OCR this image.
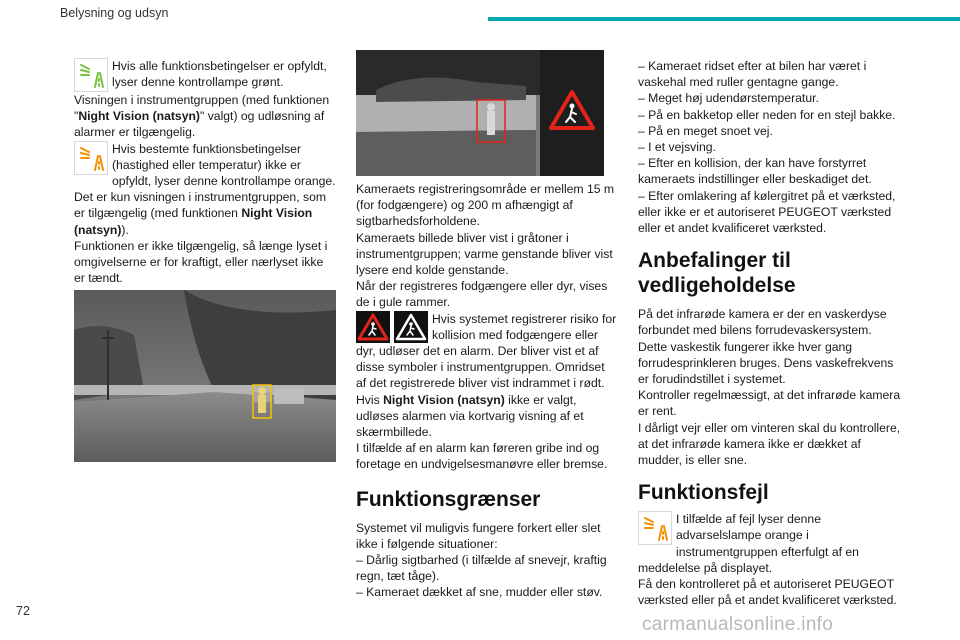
Belysning og udsyn

Hvis alle funktionsbetingelser er opfyldt, lyser denne kontrollampe grønt.

Visningen i instrumentgruppen (med funktionen "Night Vision (natsyn)" valgt) og udløsning af alarmer er tilgængelig.

Hvis bestemte funktionsbetingelser (hastighed eller temperatur) ikke er opfyldt, lyser denne kontrollampe orange. Det er kun visningen i instrumentgruppen, som er tilgængelig (med funktionen Night Vision (natsyn)).

Funktionen er ikke tilgængelig, så længe lyset i omgivelserne er for kraftigt, eller nærlyset ikke er tændt.

Kameraets registreringsområde er mellem 15 m (for fodgængere) og 200 m afhængigt af sigtbarhedsforholdene.

Kameraets billede bliver vist i gråtoner i instrumentgruppen; varme genstande bliver vist lysere end kolde genstande.

Når der registreres fodgængere eller dyr, vises de i gule rammer.

Hvis systemet registrerer risiko for kollision med fodgængere eller dyr, udløser det en alarm. Der bliver vist et af disse symboler i instrumentgruppen. Omridset af det registrerede bliver vist indrammet i rødt.

Hvis Night Vision (natsyn) ikke er valgt, udløses alarmen via kortvarig visning af et skærmbillede.

I tilfælde af en alarm kan føreren gribe ind og foretage en undvigelsesmanøvre eller bremse.

Funktionsgrænser

Systemet vil muligvis fungere forkert eller slet ikke i følgende situationer:

– Dårlig sigtbarhed (i tilfælde af snevejr, kraftig regn, tæt tåge).

– Kameraet dækket af sne, mudder eller støv.

– Kameraet ridset efter at bilen har været i vaskehal med ruller gentagne gange.

– Meget høj udendørstemperatur.

– På en bakketop eller neden for en stejl bakke.

– På en meget snoet vej.

– I et vejsving.

– Efter en kollision, der kan have forstyrret kameraets indstillinger eller beskadiget det.

– Efter omlakering af kølergitret på et værksted, eller ikke er et autoriseret PEUGEOT værksted eller et andet kvalificeret værksted.

Anbefalinger til vedligeholdelse

På det infrarøde kamera er der en vaskerdyse forbundet med bilens forrudevaskersystem.

Dette vaskestik fungerer ikke hver gang forrudesprinkleren bruges. Dens vaskefrekvens er forudindstillet i systemet.

Kontroller regelmæssigt, at det infrarøde kamera er rent.

I dårligt vejr eller om vinteren skal du kontrollere, at det infrarøde kamera ikke er dækket af mudder, is eller sne.

Funktionsfejl

I tilfælde af fejl lyser denne advarselslampe orange i instrumentgruppen efterfulgt af en meddelelse på displayet.

Få den kontrolleret på et autoriseret PEUGEOT værksted eller på et andet kvalificeret værksted.

72
carmanualsonline.info
